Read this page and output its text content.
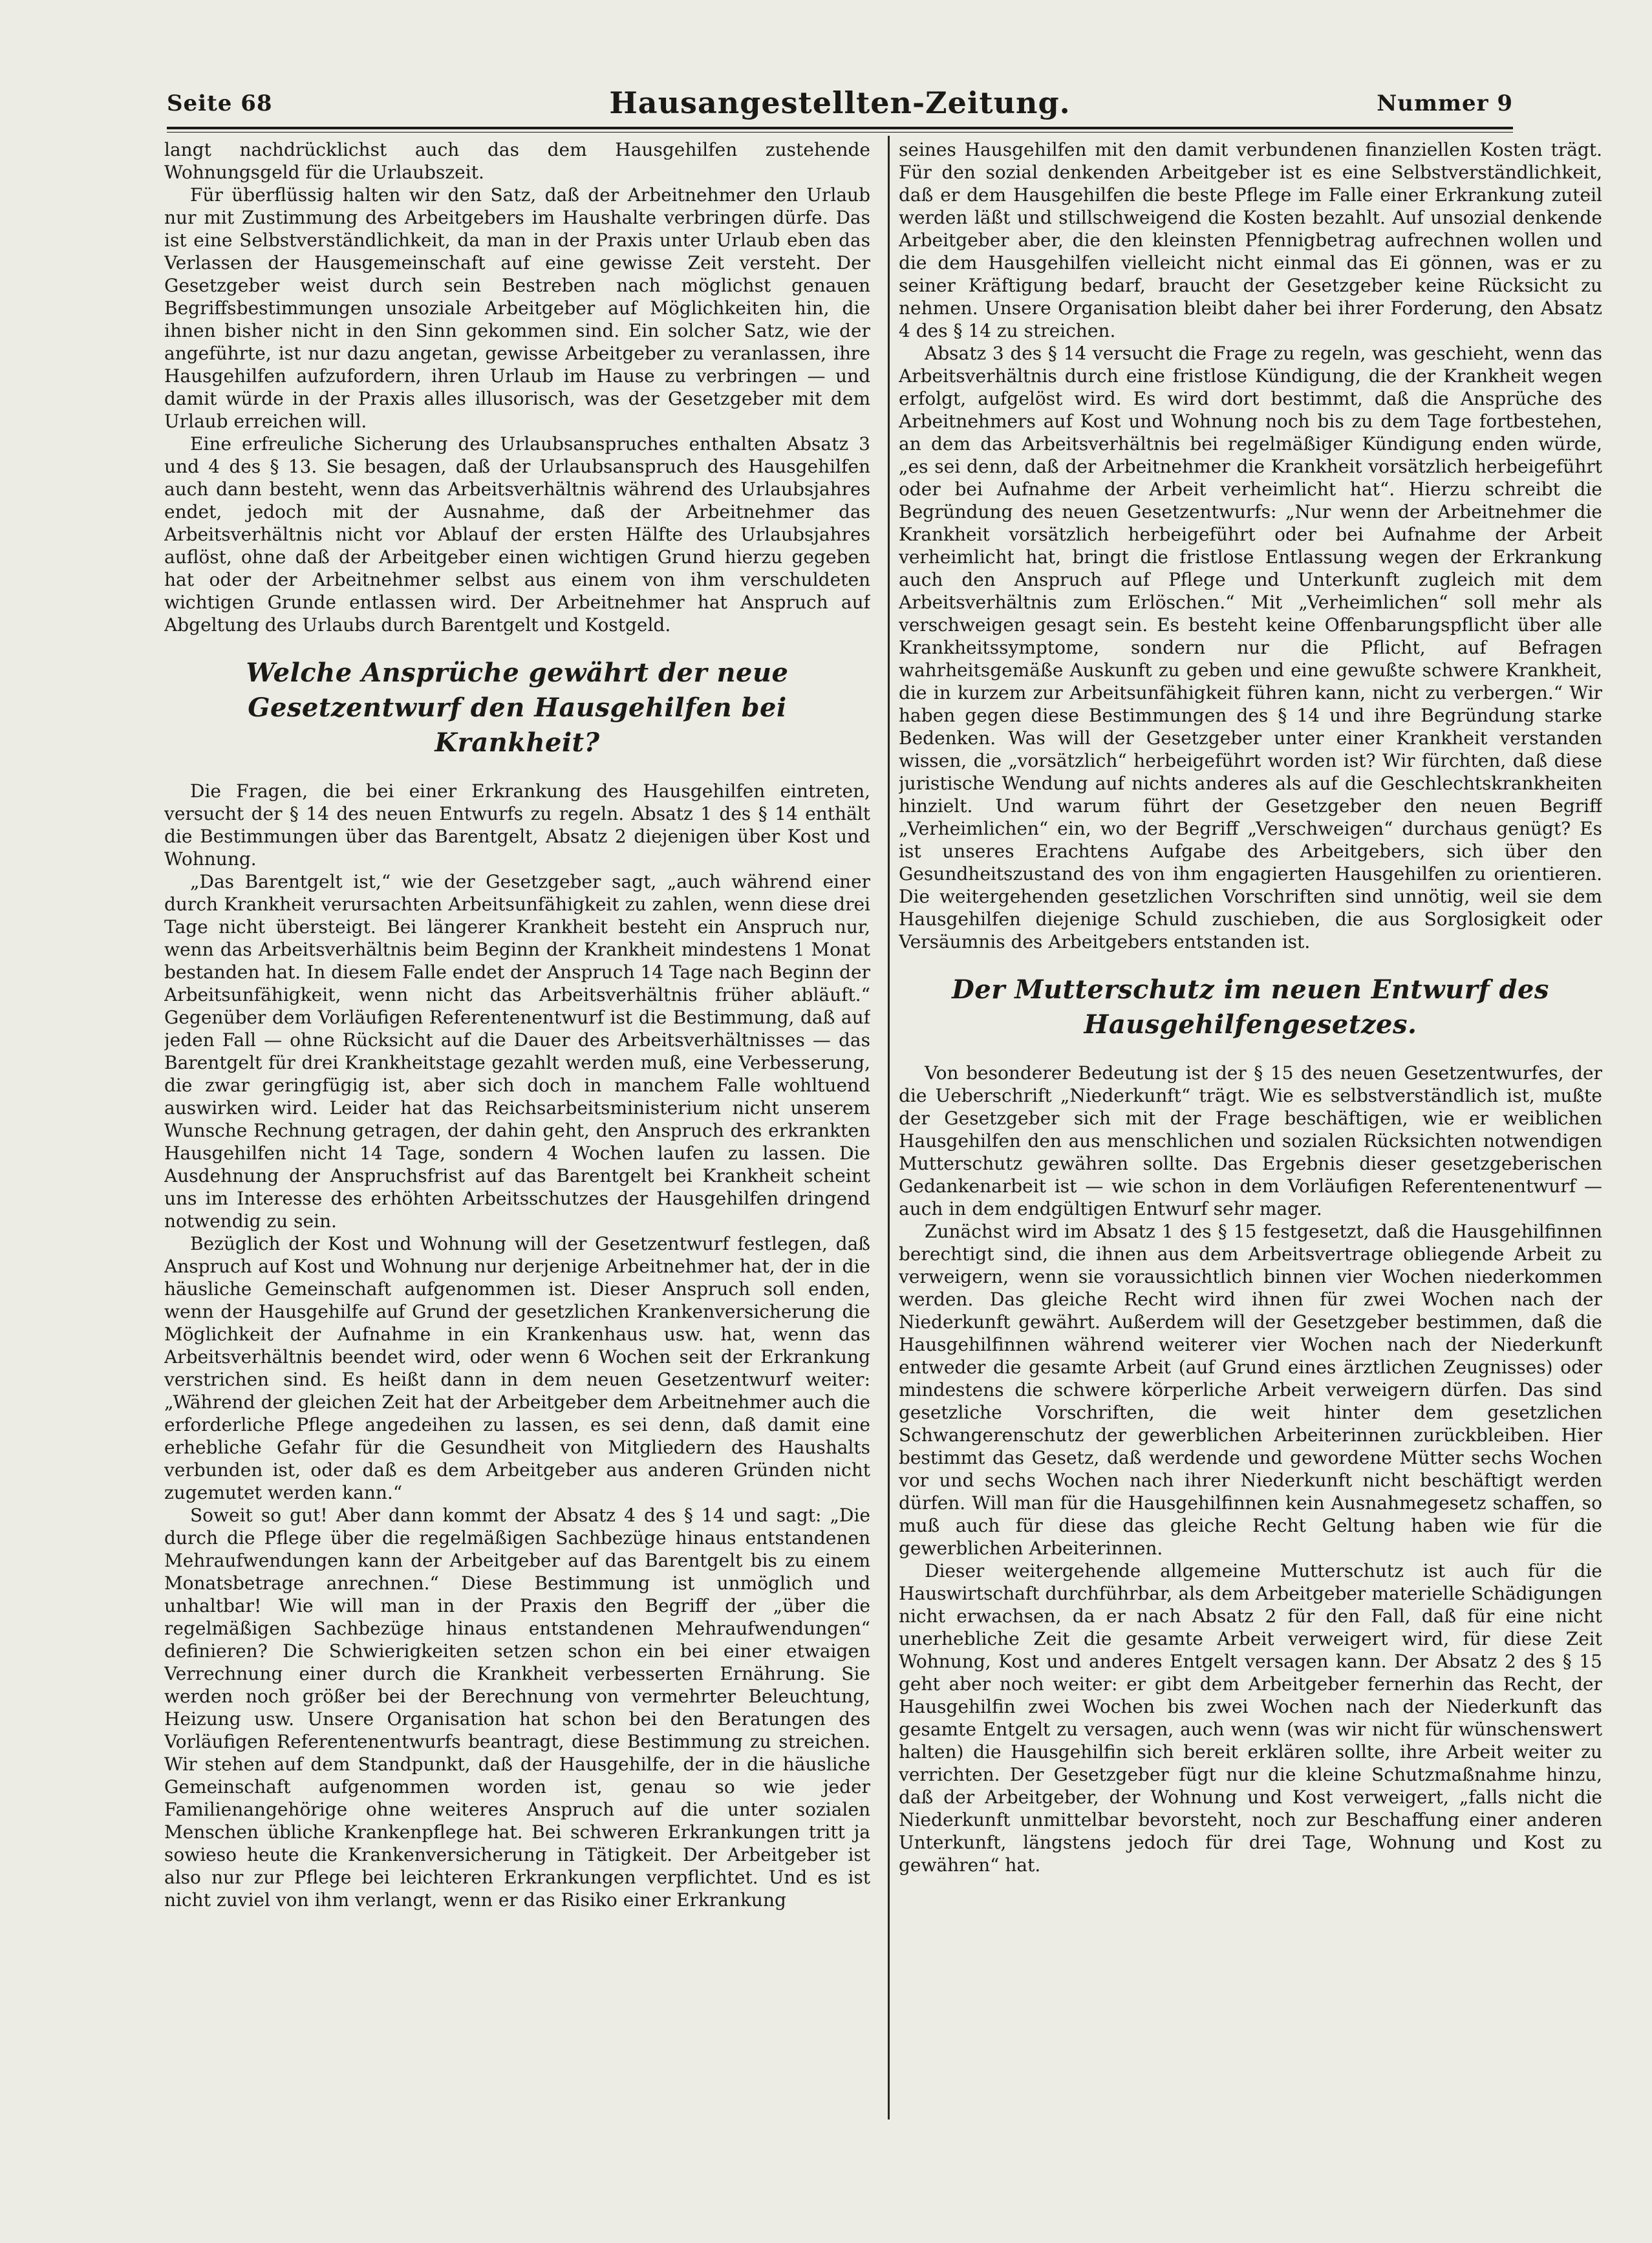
Seite 68	Hausangestellten-Zeitung.	Nummer 9

langt nachdrücklichst auch das dem Hausgehilfen zustehende Wohnungsgeld für die Urlaubszeit.

Für überflüssig halten wir den Satz, daß der Arbeitnehmer den Urlaub nur mit Zustimmung des Arbeitgebers im Haushalte verbringen dürfe. Das ist eine Selbstverständlichkeit, da man in der Praxis unter Urlaub eben das Verlassen der Hausgemeinschaft auf eine gewisse Zeit versteht. Der Gesetzgeber weist durch sein Bestreben nach möglichst genauen Begriffsbestimmungen unsoziale Arbeitgeber auf Möglichkeiten hin, die ihnen bisher nicht in den Sinn gekommen sind. Ein solcher Satz, wie der angeführte, ist nur dazu angetan, gewisse Arbeitgeber zu veranlassen, ihre Hausgehilfen aufzufordern, ihren Urlaub im Hause zu verbringen — und damit würde in der Praxis alles illusorisch, was der Gesetzgeber mit dem Urlaub erreichen will.

Eine erfreuliche Sicherung des Urlaubsanspruches enthalten Absatz 3 und 4 des § 13. Sie besagen, daß der Urlaubsanspruch des Hausgehilfen auch dann besteht, wenn das Arbeitsverhältnis während des Urlaubsjahres endet, jedoch mit der Ausnahme, daß der Arbeitnehmer das Arbeitsverhältnis nicht vor Ablauf der ersten Hälfte des Urlaubsjahres auflöst, ohne daß der Arbeitgeber einen wichtigen Grund hierzu gegeben hat oder der Arbeitnehmer selbst aus einem von ihm verschuldeten wichtigen Grunde entlassen wird. Der Arbeitnehmer hat Anspruch auf Abgeltung des Urlaubs durch Barentgelt und Kostgeld.

Welche Ansprüche gewährt der neue Gesetzentwurf den Hausgehilfen bei Krankheit?

Die Fragen, die bei einer Erkrankung des Hausgehilfen eintreten, versucht der § 14 des neuen Entwurfs zu regeln. Absatz 1 des § 14 enthält die Bestimmungen über das Barentgelt, Absatz 2 diejenigen über Kost und Wohnung.

„Das Barentgelt ist,“ wie der Gesetzgeber sagt, „auch während einer durch Krankheit verursachten Arbeitsunfähigkeit zu zahlen, wenn diese drei Tage nicht übersteigt. Bei längerer Krankheit besteht ein Anspruch nur, wenn das Arbeitsverhältnis beim Beginn der Krankheit mindestens 1 Monat bestanden hat. In diesem Falle endet der Anspruch 14 Tage nach Beginn der Arbeitsunfähigkeit, wenn nicht das Arbeitsverhältnis früher abläuft.“ Gegenüber dem Vorläufigen Referentenentwurf ist die Bestimmung, daß auf jeden Fall — ohne Rücksicht auf die Dauer des Arbeitsverhältnisses — das Barentgelt für drei Krankheitstage gezahlt werden muß, eine Verbesserung, die zwar geringfügig ist, aber sich doch in manchem Falle wohltuend auswirken wird. Leider hat das Reichsarbeitsministerium nicht unserem Wunsche Rechnung getragen, der dahin geht, den Anspruch des erkrankten Hausgehilfen nicht 14 Tage, sondern 4 Wochen laufen zu lassen. Die Ausdehnung der Anspruchsfrist auf das Barentgelt bei Krankheit scheint uns im Interesse des erhöhten Arbeitsschutzes der Hausgehilfen dringend notwendig zu sein.

Bezüglich der Kost und Wohnung will der Gesetzentwurf festlegen, daß Anspruch auf Kost und Wohnung nur derjenige Arbeitnehmer hat, der in die häusliche Gemeinschaft aufgenommen ist. Dieser Anspruch soll enden, wenn der Hausgehilfe auf Grund der gesetzlichen Krankenversicherung die Möglichkeit der Aufnahme in ein Krankenhaus usw. hat, wenn das Arbeitsverhältnis beendet wird, oder wenn 6 Wochen seit der Erkrankung verstrichen sind. Es heißt dann in dem neuen Gesetzentwurf weiter: „Während der gleichen Zeit hat der Arbeitgeber dem Arbeitnehmer auch die erforderliche Pflege angedeihen zu lassen, es sei denn, daß damit eine erhebliche Gefahr für die Gesundheit von Mitgliedern des Haushalts verbunden ist, oder daß es dem Arbeitgeber aus anderen Gründen nicht zugemutet werden kann.“

Soweit so gut! Aber dann kommt der Absatz 4 des § 14 und sagt: „Die durch die Pflege über die regelmäßigen Sachbezüge hinaus entstandenen Mehraufwendungen kann der Arbeitgeber auf das Barentgelt bis zu einem Monatsbetrage anrechnen.“ Diese Bestimmung ist unmöglich und unhaltbar! Wie will man in der Praxis den Begriff der „über die regelmäßigen Sachbezüge hinaus entstandenen Mehraufwendungen“ definieren? Die Schwierigkeiten setzen schon ein bei einer etwaigen Verrechnung einer durch die Krankheit verbesserten Ernährung. Sie werden noch größer bei der Berechnung von vermehrter Beleuchtung, Heizung usw. Unsere Organisation hat schon bei den Beratungen des Vorläufigen Referentenentwurfs beantragt, diese Bestimmung zu streichen. Wir stehen auf dem Standpunkt, daß der Hausgehilfe, der in die häusliche Gemeinschaft aufgenommen worden ist, genau so wie jeder Familienangehörige ohne weiteres Anspruch auf die unter sozialen Menschen übliche Krankenpflege hat. Bei schweren Erkrankungen tritt ja sowieso heute die Krankenversicherung in Tätigkeit. Der Arbeitgeber ist also nur zur Pflege bei leichteren Erkrankungen verpflichtet. Und es ist nicht zuviel von ihm verlangt, wenn er das Risiko einer Erkrankung

seines Hausgehilfen mit den damit verbundenen finanziellen Kosten trägt. Für den sozial denkenden Arbeitgeber ist es eine Selbstverständlichkeit, daß er dem Hausgehilfen die beste Pflege im Falle einer Erkrankung zuteil werden läßt und stillschweigend die Kosten bezahlt. Auf unsozial denkende Arbeitgeber aber, die den kleinsten Pfennigbetrag aufrechnen wollen und die dem Hausgehilfen vielleicht nicht einmal das Ei gönnen, was er zu seiner Kräftigung bedarf, braucht der Gesetzgeber keine Rücksicht zu nehmen. Unsere Organisation bleibt daher bei ihrer Forderung, den Absatz 4 des § 14 zu streichen.

Absatz 3 des § 14 versucht die Frage zu regeln, was geschieht, wenn das Arbeitsverhältnis durch eine fristlose Kündigung, die der Krankheit wegen erfolgt, aufgelöst wird. Es wird dort bestimmt, daß die Ansprüche des Arbeitnehmers auf Kost und Wohnung noch bis zu dem Tage fortbestehen, an dem das Arbeitsverhältnis bei regelmäßiger Kündigung enden würde, „es sei denn, daß der Arbeitnehmer die Krankheit vorsätzlich herbeigeführt oder bei Aufnahme der Arbeit verheimlicht hat“. Hierzu schreibt die Begründung des neuen Gesetzentwurfs: „Nur wenn der Arbeitnehmer die Krankheit vorsätzlich herbeigeführt oder bei Aufnahme der Arbeit verheimlicht hat, bringt die fristlose Entlassung wegen der Erkrankung auch den Anspruch auf Pflege und Unterkunft zugleich mit dem Arbeitsverhältnis zum Erlöschen.“ Mit „Verheimlichen“ soll mehr als verschweigen gesagt sein. Es besteht keine Offenbarungspflicht über alle Krankheitssymptome, sondern nur die Pflicht, auf Befragen wahrheitsgemäße Auskunft zu geben und eine gewußte schwere Krankheit, die in kurzem zur Arbeitsunfähigkeit führen kann, nicht zu verbergen.“ Wir haben gegen diese Bestimmungen des § 14 und ihre Begründung starke Bedenken. Was will der Gesetzgeber unter einer Krankheit verstanden wissen, die „vorsätzlich“ herbeigeführt worden ist? Wir fürchten, daß diese juristische Wendung auf nichts anderes als auf die Geschlechtskrankheiten hinzielt. Und warum führt der Gesetzgeber den neuen Begriff „Verheimlichen“ ein, wo der Begriff „Verschweigen“ durchaus genügt? Es ist unseres Erachtens Aufgabe des Arbeitgebers, sich über den Gesundheitszustand des von ihm engagierten Hausgehilfen zu orientieren. Die weitergehenden gesetzlichen Vorschriften sind unnötig, weil sie dem Hausgehilfen diejenige Schuld zuschieben, die aus Sorglosigkeit oder Versäumnis des Arbeitgebers entstanden ist.

Der Mutterschutz im neuen Entwurf des Hausgehilfengesetzes.

Von besonderer Bedeutung ist der § 15 des neuen Gesetzentwurfes, der die Ueberschrift „Niederkunft“ trägt. Wie es selbstverständlich ist, mußte der Gesetzgeber sich mit der Frage beschäftigen, wie er weiblichen Hausgehilfen den aus menschlichen und sozialen Rücksichten notwendigen Mutterschutz gewähren sollte. Das Ergebnis dieser gesetzgeberischen Gedankenarbeit ist — wie schon in dem Vorläufigen Referentenentwurf — auch in dem endgültigen Entwurf sehr mager.

Zunächst wird im Absatz 1 des § 15 festgesetzt, daß die Hausgehilfinnen berechtigt sind, die ihnen aus dem Arbeitsvertrage obliegende Arbeit zu verweigern, wenn sie voraussichtlich binnen vier Wochen niederkommen werden. Das gleiche Recht wird ihnen für zwei Wochen nach der Niederkunft gewährt. Außerdem will der Gesetzgeber bestimmen, daß die Hausgehilfinnen während weiterer vier Wochen nach der Niederkunft entweder die gesamte Arbeit (auf Grund eines ärztlichen Zeugnisses) oder mindestens die schwere körperliche Arbeit verweigern dürfen. Das sind gesetzliche Vorschriften, die weit hinter dem gesetzlichen Schwangerenschutz der gewerblichen Arbeiterinnen zurückbleiben. Hier bestimmt das Gesetz, daß werdende und gewordene Mütter sechs Wochen vor und sechs Wochen nach ihrer Niederkunft nicht beschäftigt werden dürfen. Will man für die Hausgehilfinnen kein Ausnahmegesetz schaffen, so muß auch für diese das gleiche Recht Geltung haben wie für die gewerblichen Arbeiterinnen.

Dieser weitergehende allgemeine Mutterschutz ist auch für die Hauswirtschaft durchführbar, als dem Arbeitgeber materielle Schädigungen nicht erwachsen, da er nach Absatz 2 für den Fall, daß für eine nicht unerhebliche Zeit die gesamte Arbeit verweigert wird, für diese Zeit Wohnung, Kost und anderes Entgelt versagen kann. Der Absatz 2 des § 15 geht aber noch weiter: er gibt dem Arbeitgeber fernerhin das Recht, der Hausgehilfin zwei Wochen bis zwei Wochen nach der Niederkunft das gesamte Entgelt zu versagen, auch wenn (was wir nicht für wünschenswert halten) die Hausgehilfin sich bereit erklären sollte, ihre Arbeit weiter zu verrichten. Der Gesetzgeber fügt nur die kleine Schutzmaßnahme hinzu, daß der Arbeitgeber, der Wohnung und Kost verweigert, „falls nicht die Niederkunft unmittelbar bevorsteht, noch zur Beschaffung einer anderen Unterkunft, längstens jedoch für drei Tage, Wohnung und Kost zu gewähren“ hat.
